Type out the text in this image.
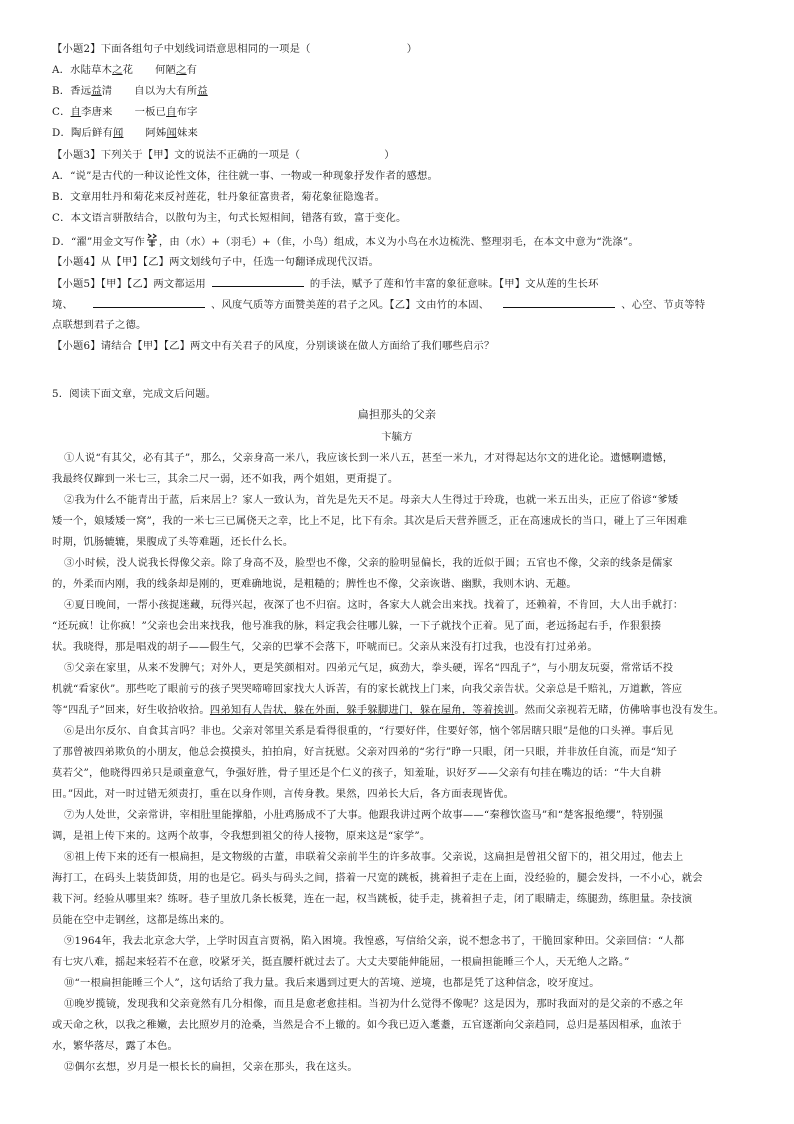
【小题2】下面各组句子中划线词语意思相同的一项是（	）
A．水陆草木之花 何陋之有
B．香远益清 自以为大有所益
C．自李唐来 一板已自布字
D．陶后鲜有闻 阿姊闻妹来
【小题3】下列关于【甲】文的说法不正确的一项是（	）
A．“说”是古代的一种议论性文体，往往就一事、一物或一种现象抒发作者的感想。
B．文章用牡丹和菊花来反衬莲花，牡丹象征富贵者，菊花象征隐逸者。
C．本文语言骈散结合，以散句为主，句式长短相间，错落有致，富于变化。
D．“濯”用金文写作 ，由（水）+（羽毛）+（隹，小鸟）组成，本义为小鸟在水边梳洗、整理羽毛，在本文中意为“洗涤”。
【小题4】从【甲】【乙】两文划线句子中，任选一句翻译成现代汉语。
【小题5】【甲】【乙】两文都运用	的手法，赋予了莲和竹丰富的象征意味。【甲】文从莲的生长环
境、	、风度气质等方面赞美莲的君子之风。【乙】文由竹的本固、	、心空、节贞等特
点联想到君子之德。
【小题6】请结合【甲】【乙】两文中有关君子的风度，分别谈谈在做人方面给了我们哪些启示？
5．阅读下面文章，完成文后问题。
扁担那头的父亲
卞毓方
①人说“有其父，必有其子”，那么，父亲身高一米八，我应该长到一米八五，甚至一米九，才对得起达尔文的进化论。遗憾啊遗憾，
我最终仅蹿到一米七三，其余二尺一弱，还不如我，两个姐姐，更甭提了。
②我为什么不能青出于蓝，后来居上？家人一致认为，首先是先天不足。母亲大人生得过于玲珑，也就一米五出头，正应了俗谚“爹矮
矮一个，娘矮矮一窝”，我的一米七三已属侥天之幸，比上不足，比下有余。其次是后天营养匮乏，正在高速成长的当口，碰上了三年困难
时期，饥肠辘辘，果腹成了头等难题，还长什么长。
③小时候，没人说我长得像父亲。除了身高不及，脸型也不像，父亲的脸明显偏长，我的近似于圆；五官也不像，父亲的线条是儒家
的，外柔而内刚，我的线条却是刚的，更难确地说，是粗糙的；脾性也不像，父亲诙谐、幽默，我则木讷、无趣。
④夏日晚间，一帮小孩捉迷藏，玩得兴起，夜深了也不归宿。这时，各家大人就会出来找。找着了，还赖着，不肯回，大人出手就打：
“还玩疯！让你疯！”父亲也会出来找我，他号准我的脉，料定我会往哪儿躲，一下子就找个正着。见了面，老远扬起右手，作狠狠揍
状。我晓得，那是唱戏的胡子——假生气，父亲的巴掌不会落下，吓唬而已。父亲从来没有打过我，也没有打过弟弟。
⑤父亲在家里，从来不发脾气；对外人，更是笑颜相对。四弟元气足，疯劲大，拳头硬，诨名“四乱子”，与小朋友玩耍，常常话不投
机就“看家伙”。那些吃了眼前亏的孩子哭哭啼啼回家找大人诉苦，有的家长就找上门来，向我父亲告状。父亲总是千赔礼，万道歉，答应
等“四乱子”回来，好生收拾收拾。四弟知有人告状，躲在外面，躲手躲脚进门，躲在屋角，等着挨训。然而父亲视若无睹，仿佛啥事也没有发生。
⑥是出尔反尔、自食其言吗？非也。父亲对邻里关系是看得很重的，“行要好伴，住要好邻，恼个邻居瞎只眼”是他的口头禅。事后见
了那曾被四弟欺负的小朋友，他总会摸摸头，拍拍肩，好言抚慰。父亲对四弟的“劣行”睁一只眼，闭一只眼，并非放任自流，而是“知子
莫若父”，他晓得四弟只是顽童意气，争强好胜，骨子里还是个仁义的孩子，知羞耻，识好歹——父亲有句挂在嘴边的话：“牛大自耕
田。”因此，对一时过错无须责打，重在以身作则，言传身教。果然，四弟长大后，各方面表现皆优。
⑦为人处世，父亲常讲，宰相肚里能撑船，小肚鸡肠成不了大事。他跟我讲过两个故事——“秦穆饮盗马”和“楚客报绝缨”，特别强
调，是祖上传下来的。这两个故事，令我想到祖父的待人接物，原来这是“家学”。
⑧祖上传下来的还有一根扁担，是文物级的古董，串联着父亲前半生的许多故事。父亲说，这扁担是曾祖父留下的，祖父用过，他去上
海打工，在码头上装货卸货，用的也是它。码头与码头之间，搭着一尺宽的跳板，挑着担子走在上面，没经验的，腿会发抖，一不小心，就会
栽下河。经验从哪里来？练呀。巷子里放几条长板凳，连在一起，权当跳板，徒手走，挑着担子走，闭了眼睛走，练腿劲，练胆量。杂技演
员能在空中走钢丝，这都是练出来的。
⑨1964年，我去北京念大学，上学时因直言贾祸，陷入困境。我惶惑，写信给父亲，说不想念书了，干脆回家种田。父亲回信：“人都
有七灾八难，摇起来轻若不在意，咬紧牙关，挺直腰杆就过去了。大丈夫要能伸能屈，一根扁担能睡三个人，天无绝人之路。”
⑩“一根扁担能睡三个人”，这句话给了我力量。我后来遇到过更大的苦境、逆境，也都是凭了这种信念，咬牙度过。
⑪晚岁揽镜，发现我和父亲竟然有几分相像，而且是愈老愈挂相。当初为什么觉得不像呢？这是因为，那时我面对的是父亲的不惑之年
或天命之秋，以我之稚嫩，去比照岁月的沧桑，当然是合不上辙的。如今我已迈入耄耋，五官逐渐向父亲趋同，总归是基因相承，血浓于
水，繁华落尽，露了本色。
⑫偶尔玄想，岁月是一根长长的扁担，父亲在那头，我在这头。
